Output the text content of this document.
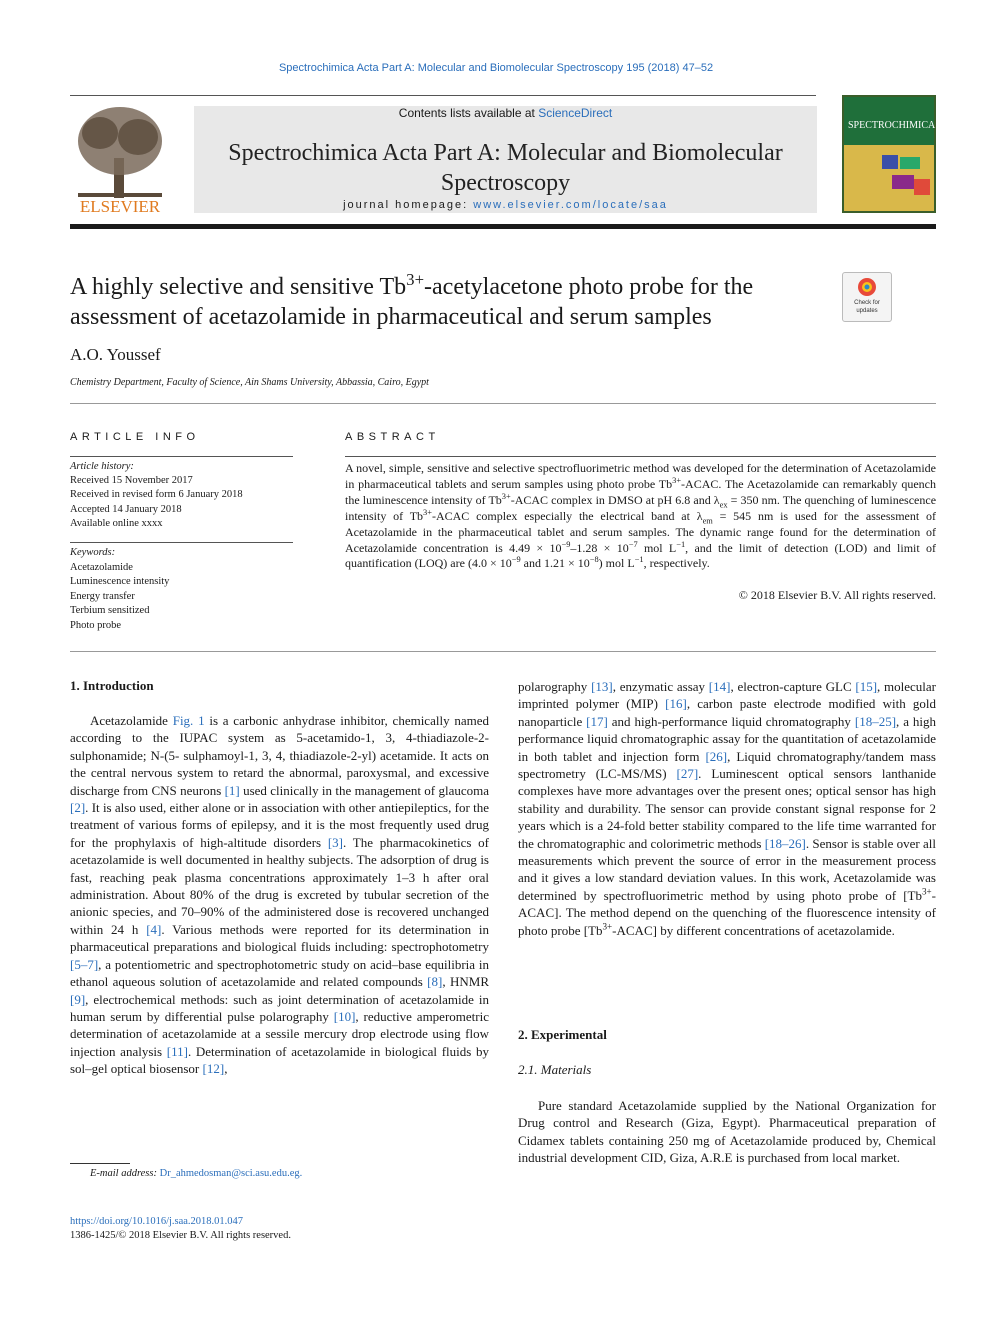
Spectrochimica Acta Part A: Molecular and Biomolecular Spectroscopy 195 (2018) 47–52
ELSEVIER
Contents lists available at ScienceDirect
Spectrochimica Acta Part A: Molecular and Biomolecular Spectroscopy
journal homepage: www.elsevier.com/locate/saa
SPECTROCHIMICA ACTA
A highly selective and sensitive $Tb^{3+}$-acetylacetone photo probe for the assessment of acetazolamide in pharmaceutical and serum samples
Check for
updates
A.O. Youssef
Chemistry Department, Faculty of Science, Ain Shams University, Abbassia, Cairo, Egypt
ARTICLE INFO
Article history:
Received 15 November 2017
Received in revised form 6 January 2018
Accepted 14 January 2018
Available online xxxx
Keywords:
Acetazolamide
Luminescence intensity
Energy transfer
Terbium sensitized
Photo probe
ABSTRACT
A novel, simple, sensitive and selective spectrofluorimetric method was developed for the determination of Acetazolamide in pharmaceutical tablets and serum samples using photo probe $Tb^{3+}$-ACAC. The Acetazolamide can remarkably quench the luminescence intensity of $Tb^{3+}$-ACAC complex in DMSO at pH 6.8 and $\lambda_{ex} = 350$ nm. The quenching of luminescence intensity of $Tb^{3+}$-ACAC complex especially the electrical band at $\lambda_{em} = 545$ nm is used for the assessment of Acetazolamide in the pharmaceutical tablet and serum samples. The dynamic range found for the determination of Acetazolamide concentration is $4.49 \times 10^{-9}-1.28 \times 10^{-7}$ mol $L^{-1}$, and the limit of detection (LOD) and limit of quantification (LOQ) are ($4.0 \times 10^{-9}$ and $1.21 \times 10^{-8}$) mol $L^{-1}$, respectively.
© 2018 Elsevier B.V. All rights reserved.
1. Introduction

Acetazolamide Fig. 1 is a carbonic anhydrase inhibitor, chemically named according to the IUPAC system as 5-acetamido-1, 3, 4-thiadiazole-2- sulphonamide; N-(5- sulphamoyl-1, 3, 4, thiadiazole-2-yl) acetamide. It acts on the central nervous system to retard the abnormal, paroxysmal, and excessive discharge from CNS neurons [1] used clinically in the management of glaucoma [2]. It is also used, either alone or in association with other antiepileptics, for the treatment of various forms of epilepsy, and it is the most frequently used drug for the prophylaxis of high-altitude disorders [3]. The pharmacokinetics of acetazolamide is well documented in healthy subjects. The adsorption of drug is fast, reaching peak plasma concentrations approximately 1–3 h after oral administration. About 80% of the drug is excreted by tubular secretion of the anionic species, and 70–90% of the administered dose is recovered unchanged within 24 h [4]. Various methods were reported for its determination in pharmaceutical preparations and biological fluids including: spectrophotometry [5–7], a potentiometric and spectrophotometric study on acid–base equilibria in ethanol aqueous solution of acetazolamide and related compounds [8], HNMR [9], electrochemical methods: such as joint determination of acetazolamide in human serum by differential pulse polarography [10], reductive amperometric determination of acetazolamide at a sessile mercury drop electrode using flow injection analysis [11]. Determination of acetazolamide in biological fluids by sol–gel optical biosensor [12],

polarography [13], enzymatic assay [14], electron-capture GLC [15], molecular imprinted polymer (MIP) [16], carbon paste electrode modified with gold nanoparticle [17] and high-performance liquid chromatography [18–25], a high performance liquid chromatographic assay for the quantitation of acetazolamide in both tablet and injection form [26], Liquid chromatography/tandem mass spectrometry (LC-MS/MS) [27]. Luminescent optical sensors lanthanide complexes have more advantages over the present ones; optical sensor has high stability and durability. The sensor can provide constant signal response for 2 years which is a 24-fold better stability compared to the life time warranted for the chromatographic and colorimetric methods [18–26]. Sensor is stable over all measurements which prevent the source of error in the measurement process and it gives a low standard deviation values. In this work, Acetazolamide was determined by spectrofluorimetric method by using photo probe of $[Tb^{3+}-ACAC]$. The method depend on the quenching of the fluorescence intensity of photo probe $[Tb^{3+}-ACAC]$ by different concentrations of acetazolamide.

2. Experimental
2.1. Materials
Pure standard Acetazolamide supplied by the National Organization for Drug control and Research (Giza, Egypt). Pharmaceutical preparation of Cidamex tablets containing 250 mg of Acetazolamide produced by, Chemical industrial development CID, Giza, A.R.E is purchased from local market.
E-mail address: Dr_ahmedosman@sci.asu.edu.eg.
https://doi.org/10.1016/j.saa.2018.01.047
1386-1425/© 2018 Elsevier B.V. All rights reserved.
